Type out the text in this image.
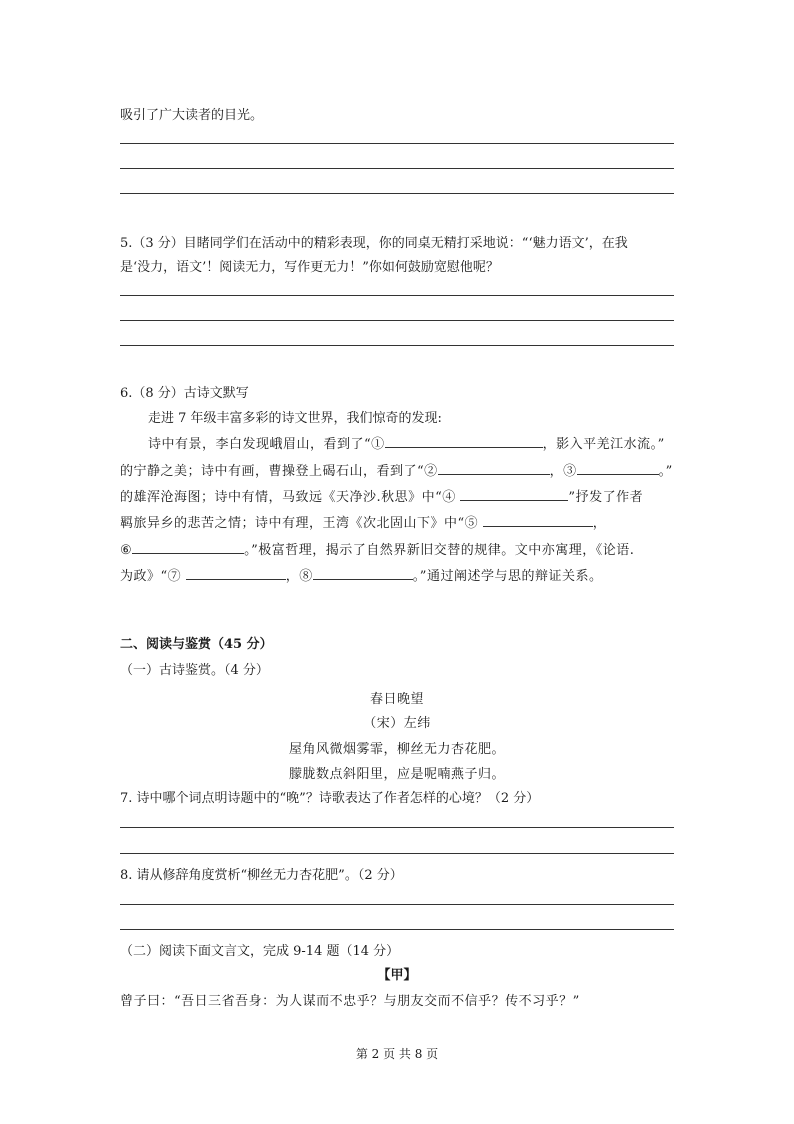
吸引了广大读者的目光。
5.（3 分）目睹同学们在活动中的精彩表现，你的同桌无精打采地说：“‘魅力语文’，在我
是‘没力，语文’！阅读无力，写作更无力！”你如何鼓励宽慰他呢？
6.（8 分）古诗文默写
走进 7 年级丰富多彩的诗文世界，我们惊奇的发现:
诗中有景，李白发现峨眉山，看到了“①	，影入平羌江水流。”
的宁静之美；诗中有画，曹操登上碣石山，看到了“②	，③	。”
的雄浑沧海图；诗中有情，马致远《天净沙.秋思》中“④	”抒发了作者
羁旅异乡的悲苦之情；诗中有理，王湾《次北固山下》中“⑤	，
⑥	。”极富哲理，揭示了自然界新旧交替的规律。文中亦寓理，《论语.
为政》“⑦	，⑧	。”通过阐述学与思的辩证关系。
二、阅读与鉴赏（45 分）
（一）古诗鉴赏。（4 分）
春日晚望
（宋）左纬
屋角风微烟雾霏，柳丝无力杏花肥。
朦胧数点斜阳里，应是呢喃燕子归。
7. 诗中哪个词点明诗题中的“晚”？诗歌表达了作者怎样的心境？（2 分）
8. 请从修辞角度赏析“柳丝无力杏花肥”。（2 分）
（二）阅读下面文言文，完成 9-14 题（14 分）
【甲】
曾子曰：“吾日三省吾身：为人谋而不忠乎？与朋友交而不信乎？传不习乎？”
第 2 页 共 8 页
